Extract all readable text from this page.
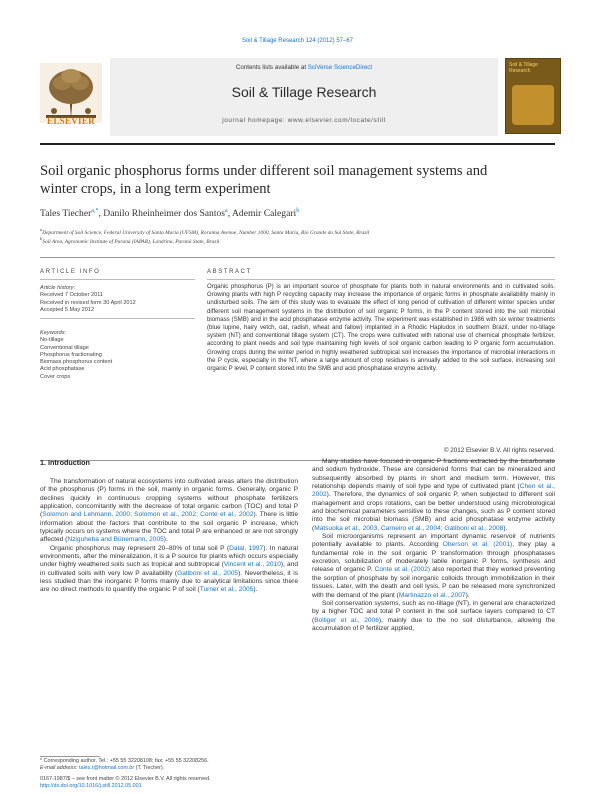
Soil & Tillage Research 124 (2012) 57–67
Contents lists available at SciVerse ScienceDirect
Soil & Tillage Research
journal homepage: www.elsevier.com/locate/still
ELSEVIER
Soil & Tillage Research
Soil organic phosphorus forms under different soil management systems and
winter crops, in a long term experiment
Tales Tiecher$^{a,*}$, Danilo Rheinheimer dos Santos$^a$, Ademir Calegari$^b$
$^a$Department of Soil Science, Federal University of Santa Maria (UFSM), Roraima Avenue, Number 1000, Santa Maria, Rio Grande do Sul State, Brazil
$^b$Soil Area, Agronomic Institute of Paraná (IAPAR), Londrina, Paraná State, Brazil
ARTICLE INFO
Article history:
Received 7 October 2011
Received in revised form 30 April 2012
Accepted 5 May 2012
Keywords:
No-tillage
Conventional tillage
Phosphorus fractionating
Biomass phosphorus content
Acid phosphatase
Cover crops
ABSTRACT
Organic phosphorus (P) is an important source of phosphate for plants both in natural environments and in cultivated soils. Growing plants with high P recycling capacity may increase the importance of organic forms in phosphate availability mainly in undisturbed soils. The aim of this study was to evaluate the effect of long period of cultivation of different winter species under different soil management systems in the distribution of soil organic P forms, in the P content stored into the soil microbial biomass (SMB) and in the acid phosphatase enzyme activity. The experiment was established in 1986 with six winter treatments (blue lupine, hairy vetch, oat, radish, wheat and fallow) implanted in a Rhodic Hapludox in southern Brazil, under no-tillage system (NT) and conventional tillage system (CT). The crops were cultivated with rational use of chemical phosphate fertilizer, according to plant needs and soil type maintaining high levels of soil organic carbon leading to P organic form accumulation. Growing crops during the winter period in highly weathered subtropical soil increases the importance of microbial interactions in the P cycle, especially in the NT, where a large amount of crop residues is annually added to the soil surface, increasing soil organic P level, P content stored into the SMB and acid phosphatase enzyme activity.
© 2012 Elsevier B.V. All rights reserved.
1. Introduction

The transformation of natural ecosystems into cultivated areas alters the distribution of the phosphorus (P) forms in the soil, mainly in organic forms. Generally, organic P declines quickly in continuous cropping systems without phosphate fertilizers application, concomitantly with the decrease of total organic carbon (TOC) and total P (Solomon and Lehmann, 2000; Solomon et al., 2002; Conte et al., 2002). There is little information about the factors that contribute to the soil organic P increase, which typically occurs on systems where the TOC and total P are enhanced or are not strongly affected (Nziguheba and Bünemann, 2005).

Organic phosphorus may represent 20–80% of total soil P (Dalal, 1997). In natural environments, after the mineralization, it is a P source for plants which occurs especially under highly weathered soils such as tropical and subtropical (Vincent et al., 2010), and in cultivated soils with very low P availability (Gatiboni et al., 2005). Nevertheless, it is less studied than the inorganic P forms mainly due to analytical limitations since there are no direct methods to quantify the organic P of soil (Turner et al., 2005).

Many studies have focused in organic P fractions extracted by the bicarbonate and sodium hydroxide. These are considered forms that can be mineralized and subsequently absorbed by plants in short and medium term. However, this relationship depends mainly of soil type and type of cultivated plant (Chen et al., 2002). Therefore, the dynamics of soil organic P, when subjected to different soil management and crops rotations, can be better understood using microbiological and biochemical parameters sensitive to these changes, such as P content stored into the soil microbial biomass (SMB) and acid phosphatase enzyme activity (Matsuoka et al., 2003, Carneiro et al., 2004; Gatiboni et al., 2008).

Soil microorganisms represent an important dynamic reservoir of nutrients potentially available to plants. According Oberson et al. (2001), they play a fundamental role in the soil organic P transformation through phosphatases excretion, solubilization of moderately labile inorganic P forms, synthesis and release of organic P. Conte et al. (2002) also reported that they worked preventing the sorption of phosphate by soil inorganic colloids through immobilization in their tissues. Later, with the death and cell lysis, P can be released more synchronized with the demand of the plant (Martinazzo et al., 2007).

Soil conservation systems, such as no-tillage (NT), in general are characterized by a higher TOC and total P content in the soil surface layers compared to CT (Bolliger et al., 2006), mainly due to the no soil disturbance, allowing the accumulation of P fertilizer applied,

* Corresponding author. Tel.: +55 55 32208108; fax: +55 55 32208256.
E-mail address: tales.t@hotmail.com.br (T. Tiecher).
0167-1987/$ – see front matter © 2012 Elsevier B.V. All rights reserved.
http://dx.doi.org/10.1016/j.still.2012.05.001
